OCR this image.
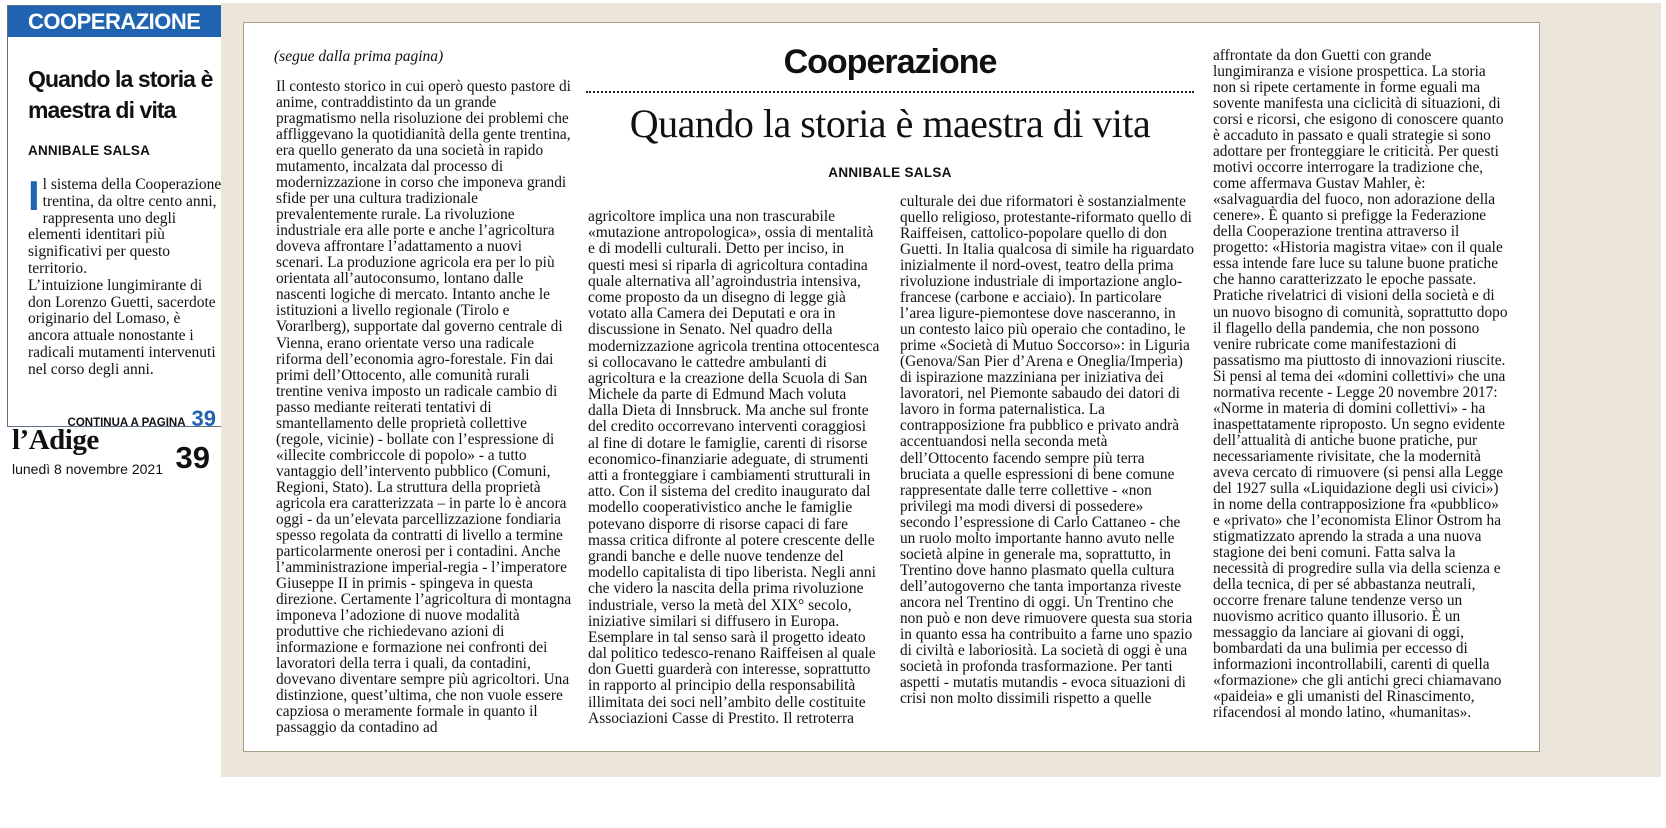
COOPERAZIONE
Quando la storia è maestra di vita
ANNIBALE SALSA

Il sistema della Cooperazione trentina, da oltre cento anni, rappresenta uno degli elementi identitari più significativi per questo territorio.

L’intuizione lungimirante di don Lorenzo Guetti, sacerdote originario del Lomaso, è ancora attuale nonostante i radicali mutamenti intervenuti nel corso degli anni.

CONTINUA A PAGINA 39
l’Adige
lunedì 8 novembre 2021 39
(segue dalla prima pagina)	Cooperazione
Quando la storia è maestra di vita
ANNIBALE SALSA

Il contesto storico in cui operò questo pastore di anime, contraddistinto da un grande pragmatismo nella risoluzione dei problemi che affliggevano la quotidianità della gente trentina, era quello generato da una società in rapido mutamento, incalzata dal processo di modernizzazione in corso che imponeva grandi sfide per una cultura tradizionale prevalentemente rurale. La rivoluzione industriale era alle porte e anche l’agricoltura doveva affrontare l’adattamento a nuovi scenari. La produzione agricola era per lo più orientata all’autoconsumo, lontano dalle nascenti logiche di mercato. Intanto anche le istituzioni a livello regionale (Tirolo e Vorarlberg), supportate dal governo centrale di Vienna, erano orientate verso una radicale riforma dell’economia agro-forestale. Fin dai primi dell’Ottocento, alle comunità rurali trentine veniva imposto un radicale cambio di passo mediante reiterati tentativi di smantellamento delle proprietà collettive (regole, vicinie) - bollate con l’espressione di «illecite combriccole di popolo» - a tutto vantaggio dell’intervento pubblico (Comuni, Regioni, Stato). La struttura della proprietà agricola era caratterizzata – in parte lo è ancora oggi - da un’elevata parcellizzazione fondiaria spesso regolata da contratti di livello a termine particolarmente onerosi per i contadini. Anche l’amministrazione imperial-regia - l’imperatore Giuseppe II in primis - spingeva in questa direzione. Certamente l’agricoltura di montagna imponeva l’adozione di nuove modalità produttive che richiedevano azioni di informazione e formazione nei confronti dei lavoratori della terra i quali, da contadini, dovevano diventare sempre più agricoltori. Una distinzione, quest’ultima, che non vuole essere capziosa o meramente formale in quanto il passaggio da contadino ad

agricoltore implica una non trascurabile «mutazione antropologica», ossia di mentalità e di modelli culturali. Detto per inciso, in questi mesi si riparla di agricoltura contadina quale alternativa all’agroindustria intensiva, come proposto da un disegno di legge già votato alla Camera dei Deputati e ora in discussione in Senato. Nel quadro della modernizzazione agricola trentina ottocentesca si collocavano le cattedre ambulanti di agricoltura e la creazione della Scuola di San Michele da parte di Edmund Mach voluta dalla Dieta di Innsbruck. Ma anche sul fronte del credito occorrevano interventi coraggiosi al fine di dotare le famiglie, carenti di risorse economico-finanziarie adeguate, di strumenti atti a fronteggiare i cambiamenti strutturali in atto. Con il sistema del credito inaugurato dal modello cooperativistico anche le famiglie potevano disporre di risorse capaci di fare massa critica difronte al potere crescente delle grandi banche e delle nuove tendenze del modello capitalista di tipo liberista. Negli anni che videro la nascita della prima rivoluzione industriale, verso la metà del XIX° secolo, iniziative similari si diffusero in Europa. Esemplare in tal senso sarà il progetto ideato dal politico tedesco-renano Raiffeisen al quale don Guetti guarderà con interesse, soprattutto in rapporto al principio della responsabilità illimitata dei soci nell’ambito delle costituite Associazioni Casse di Prestito. Il retroterra

culturale dei due riformatori è sostanzialmente quello religioso, protestante-riformato quello di Raiffeisen, cattolico-popolare quello di don Guetti. In Italia qualcosa di simile ha riguardato inizialmente il nord-ovest, teatro della prima rivoluzione industriale di importazione anglo-francese (carbone e acciaio). In particolare l’area ligure-piemontese dove nasceranno, in un contesto laico più operaio che contadino, le prime «Società di Mutuo Soccorso»: in Liguria (Genova/San Pier d’Arena e Oneglia/Imperia) di ispirazione mazziniana per iniziativa dei lavoratori, nel Piemonte sabaudo dei datori di lavoro in forma paternalistica. La contrapposizione fra pubblico e privato andrà accentuandosi nella seconda metà dell’Ottocento facendo sempre più terra bruciata a quelle espressioni di bene comune rappresentate dalle terre collettive - «non privilegi ma modi diversi di possedere» secondo l’espressione di Carlo Cattaneo - che un ruolo molto importante hanno avuto nelle società alpine in generale ma, soprattutto, in Trentino dove hanno plasmato quella cultura dell’autogoverno che tanta importanza riveste ancora nel Trentino di oggi. Un Trentino che non può e non deve rimuovere questa sua storia in quanto essa ha contribuito a farne uno spazio di civiltà e laboriosità. La società di oggi è una società in profonda trasformazione. Per tanti aspetti - mutatis mutandis - evoca situazioni di crisi non molto dissimili rispetto a quelle

affrontate da don Guetti con grande lungimiranza e visione prospettica. La storia non si ripete certamente in forme eguali ma sovente manifesta una ciclicità di situazioni, di corsi e ricorsi, che esigono di conoscere quanto è accaduto in passato e quali strategie si sono adottare per fronteggiare le criticità. Per questi motivi occorre interrogare la tradizione che, come affermava Gustav Mahler, è: «salvaguardia del fuoco, non adorazione della cenere». È quanto si prefigge la Federazione della Cooperazione trentina attraverso il progetto: «Historia magistra vitae» con il quale essa intende fare luce su talune buone pratiche che hanno caratterizzato le epoche passate. Pratiche rivelatrici di visioni della società e di un nuovo bisogno di comunità, soprattutto dopo il flagello della pandemia, che non possono venire rubricate come manifestazioni di passatismo ma piuttosto di innovazioni riuscite. Si pensi al tema dei «domini collettivi» che una normativa recente - Legge 20 novembre 2017: «Norme in materia di domini collettivi» - ha inaspettatamente riproposto. Un segno evidente dell’attualità di antiche buone pratiche, pur necessariamente rivisitate, che la modernità aveva cercato di rimuovere (si pensi alla Legge del 1927 sulla «Liquidazione degli usi civici») in nome della contrapposizione fra «pubblico» e «privato» che l’economista Elinor Ostrom ha stigmatizzato aprendo la strada a una nuova stagione dei beni comuni. Fatta salva la necessità di progredire sulla via della scienza e della tecnica, di per sé abbastanza neutrali, occorre frenare talune tendenze verso un nuovismo acritico quanto illusorio. È un messaggio da lanciare ai giovani di oggi, bombardati da una bulimia per eccesso di informazioni incontrollabili, carenti di quella «formazione» che gli antichi greci chiamavano «paideia» e gli umanisti del Rinascimento, rifacendosi al mondo latino, «humanitas».
